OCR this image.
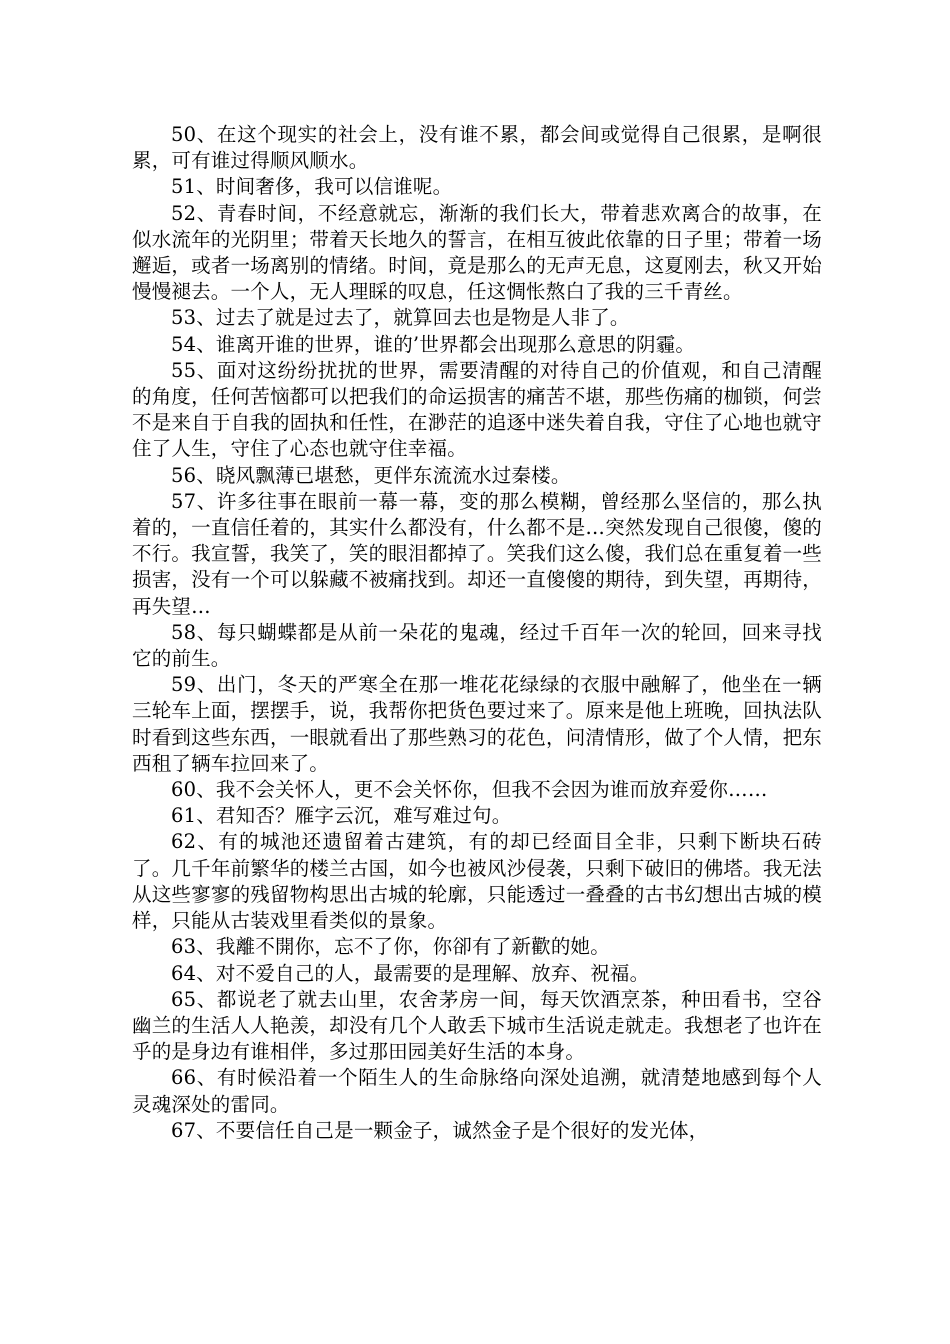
50、在这个现实的社会上，没有谁不累，都会间或觉得自己很累，是啊很累，可有谁过得顺风顺水。

51、时间奢侈，我可以信谁呢。

52、青春时间，不经意就忘，渐渐的我们长大，带着悲欢离合的故事，在似水流年的光阴里；带着天长地久的誓言，在相互彼此依靠的日子里；带着一场邂逅，或者一场离别的情绪。时间，竟是那么的无声无息，这夏刚去，秋又开始慢慢褪去。一个人，无人理睬的叹息，任这惆怅熬白了我的三千青丝。

53、过去了就是过去了，就算回去也是物是人非了。

54、谁离开谁的世界，谁的’世界都会出现那么意思的阴霾。

55、面对这纷纷扰扰的世界，需要清醒的对待自己的价值观，和自己清醒的角度，任何苦恼都可以把我们的命运损害的痛苦不堪，那些伤痛的枷锁，何尝不是来自于自我的固执和任性，在渺茫的追逐中迷失着自我，守住了心地也就守住了人生，守住了心态也就守住幸福。

56、晓风飘薄已堪愁，更伴东流流水过秦楼。

57、许多往事在眼前一幕一幕，变的那么模糊，曾经那么坚信的，那么执着的，一直信任着的，其实什么都没有，什么都不是…突然发现自己很傻，傻的不行。我宣誓，我笑了，笑的眼泪都掉了。笑我们这么傻，我们总在重复着一些损害，没有一个可以躲藏不被痛找到。却还一直傻傻的期待，到失望，再期待，再失望…

58、每只蝴蝶都是从前一朵花的鬼魂，经过千百年一次的轮回，回来寻找它的前生。

59、出门，冬天的严寒全在那一堆花花绿绿的衣服中融解了，他坐在一辆三轮车上面，摆摆手，说，我帮你把货色要过来了。原来是他上班晚，回执法队时看到这些东西，一眼就看出了那些熟习的花色，问清情形，做了个人情，把东西租了辆车拉回来了。

60、我不会关怀人，更不会关怀你，但我不会因为谁而放弃爱你……

61、君知否？雁字云沉，难写难过句。

62、有的城池还遗留着古建筑，有的却已经面目全非，只剩下断块石砖了。几千年前繁华的楼兰古国，如今也被风沙侵袭，只剩下破旧的佛塔。我无法从这些寥寥的残留物构思出古城的轮廓，只能透过一叠叠的古书幻想出古城的模样，只能从古装戏里看类似的景象。

63、我離不開你，忘不了你，你卻有了新歡的她。

64、对不爱自己的人，最需要的是理解、放弃、祝福。

65、都说老了就去山里，农舍茅房一间，每天饮酒烹茶，种田看书，空谷幽兰的生活人人艳羡，却没有几个人敢丢下城市生活说走就走。我想老了也许在乎的是身边有谁相伴，多过那田园美好生活的本身。

66、有时候沿着一个陌生人的生命脉络向深处追溯，就清楚地感到每个人灵魂深处的雷同。

67、不要信任自己是一颗金子，诚然金子是个很好的发光体，
